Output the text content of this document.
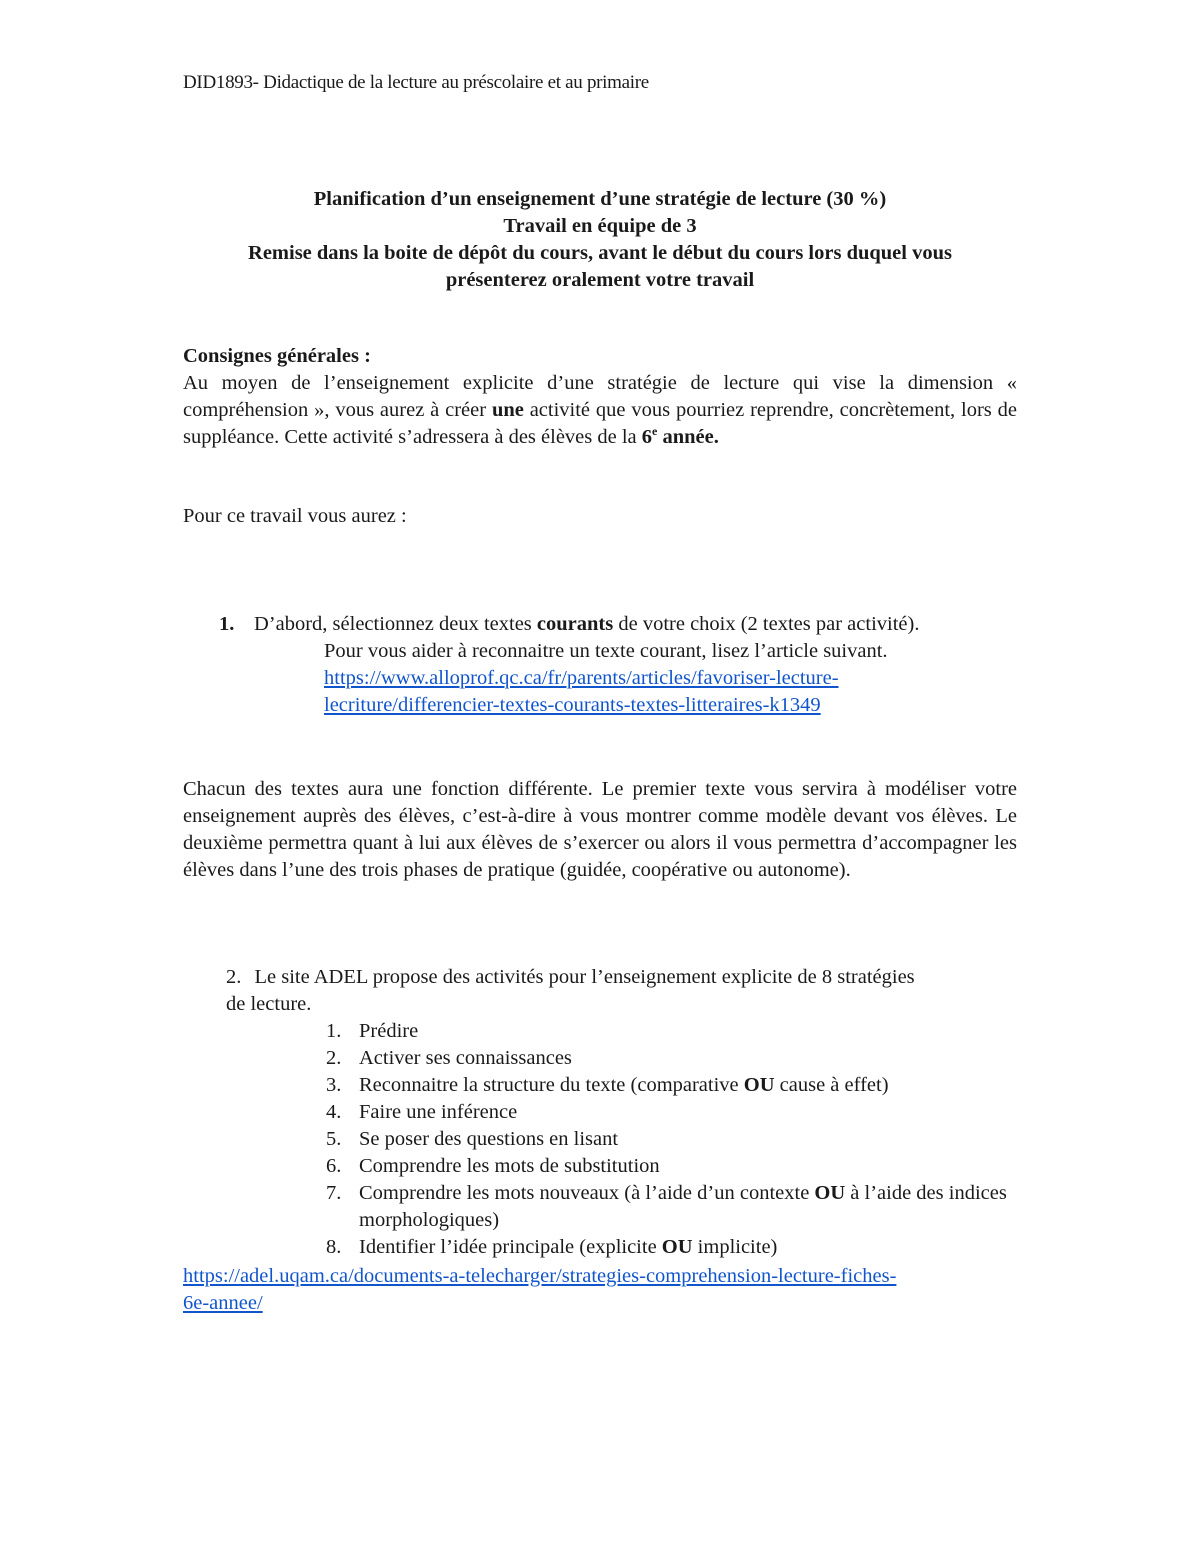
DID1893- Didactique de la lecture au préscolaire et au primaire
Planification d’un enseignement d’une stratégie de lecture (30 %)
Travail en équipe de 3
Remise dans la boite de dépôt du cours, avant le début du cours lors duquel vous
présenterez oralement votre travail
Consignes générales :
Au moyen de l’enseignement explicite d’une stratégie de lecture qui vise la dimension « compréhension », vous aurez à créer une activité que vous pourriez reprendre, concrètement, lors de suppléance. Cette activité s’adressera à des élèves de la 6e année.
Pour ce travail vous aurez :
1. D’abord, sélectionnez deux textes courants de votre choix (2 textes par activité).
Pour vous aider à reconnaitre un texte courant, lisez l’article suivant.
https://www.alloprof.qc.ca/fr/parents/articles/favoriser-lecture-
lecriture/differencier-textes-courants-textes-litteraires-k1349
Chacun des textes aura une fonction différente. Le premier texte vous servira à modéliser votre enseignement auprès des élèves, c’est-à-dire à vous montrer comme modèle devant vos élèves. Le deuxième permettra quant à lui aux élèves de s’exercer ou alors il vous permettra d’accompagner les élèves dans l’une des trois phases de pratique (guidée, coopérative ou autonome).
2. Le site ADEL propose des activités pour l’enseignement explicite de 8 stratégies
de lecture.
1. Prédire
2. Activer ses connaissances
3. Reconnaitre la structure du texte (comparative OU cause à effet)
4. Faire une inférence
5. Se poser des questions en lisant
6. Comprendre les mots de substitution
7. Comprendre les mots nouveaux (à l’aide d’un contexte OU à l’aide des indices morphologiques)
8. Identifier l’idée principale (explicite OU implicite)
https://adel.uqam.ca/documents-a-telecharger/strategies-comprehension-lecture-fiches-
6e-annee/
